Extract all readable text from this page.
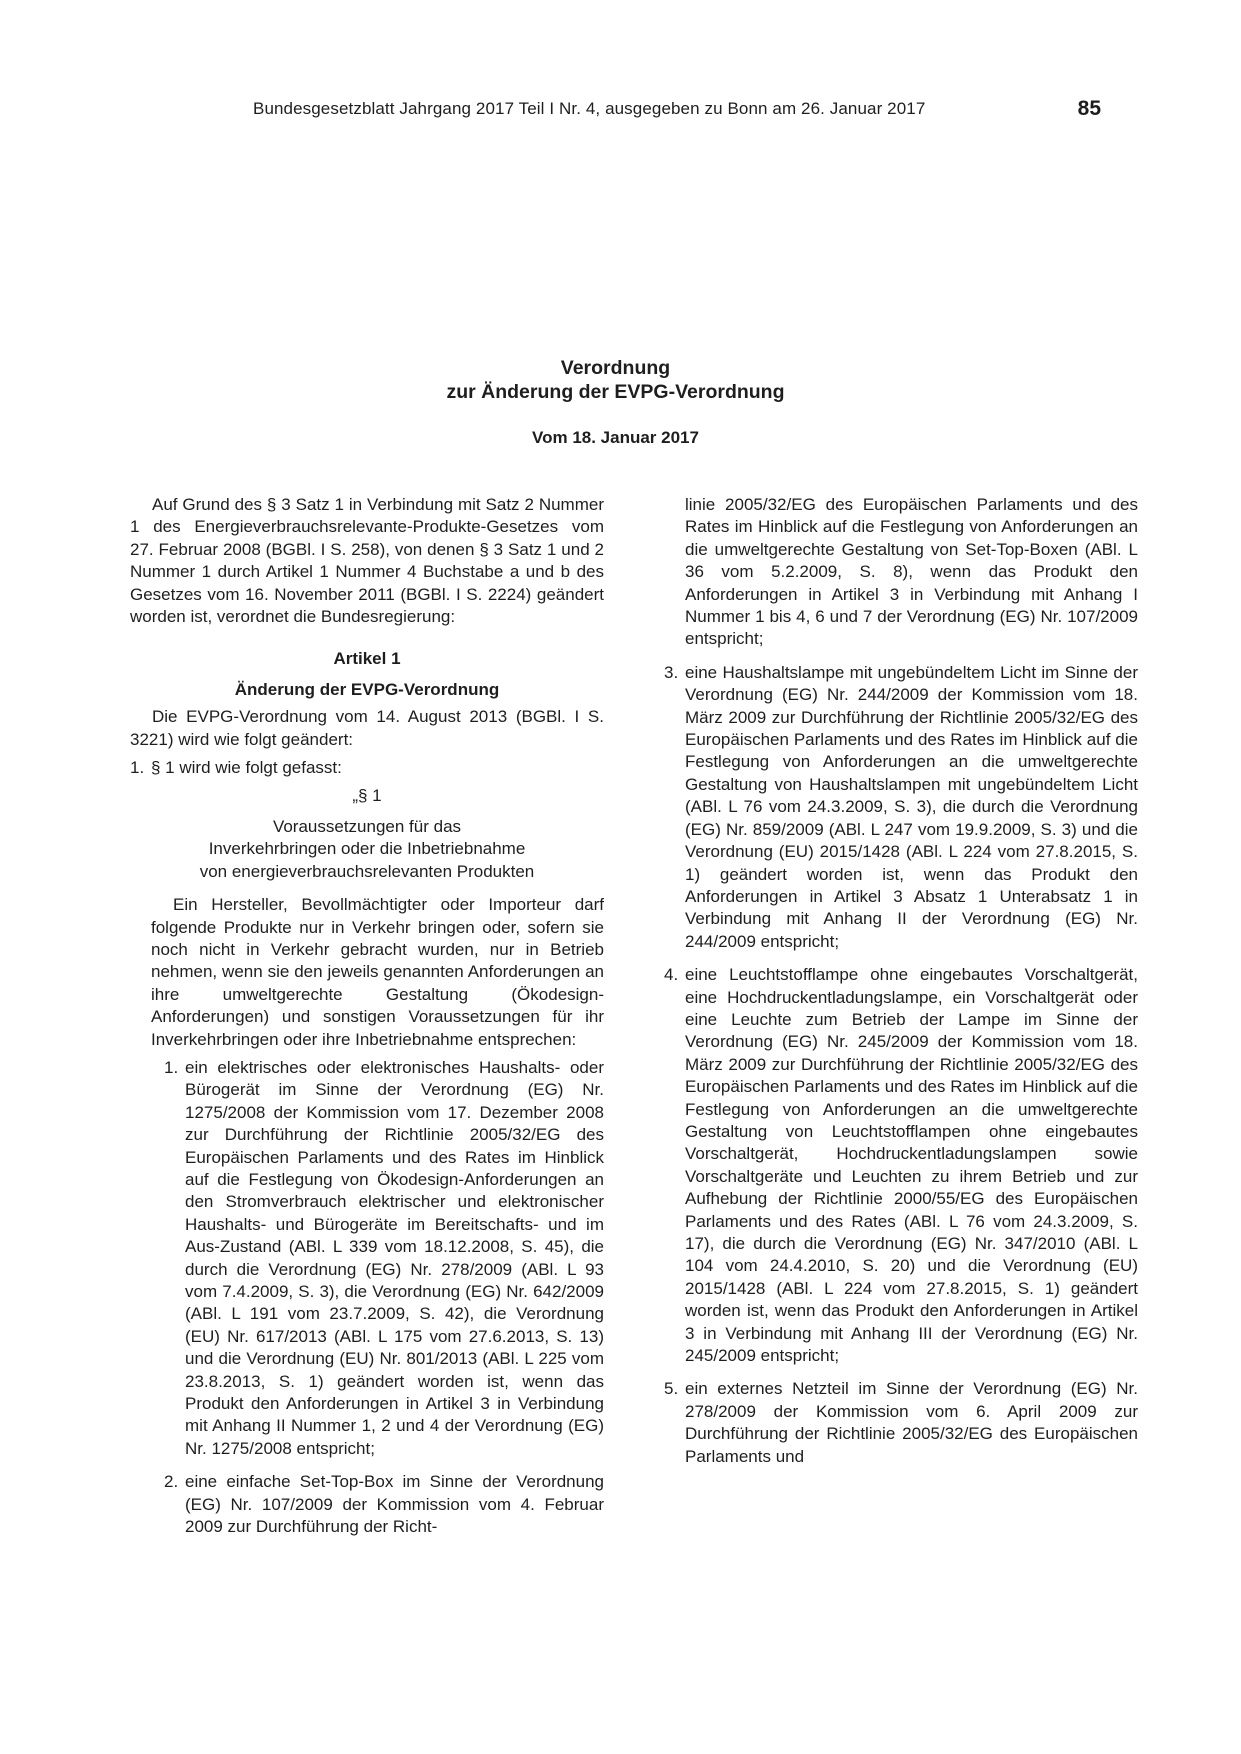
Bundesgesetzblatt Jahrgang 2017 Teil I Nr. 4, ausgegeben zu Bonn am 26. Januar 2017	85
Verordnung
zur Änderung der EVPG-Verordnung
Vom 18. Januar 2017

Auf Grund des § 3 Satz 1 in Verbindung mit Satz 2 Nummer 1 des Energieverbrauchsrelevante-Produkte-Gesetzes vom 27. Februar 2008 (BGBl. I S. 258), von denen § 3 Satz 1 und 2 Nummer 1 durch Artikel 1 Nummer 4 Buchstabe a und b des Gesetzes vom 16. November 2011 (BGBl. I S. 2224) geändert worden ist, verordnet die Bundesregierung:

Artikel 1

Änderung der EVPG-Verordnung

Die EVPG-Verordnung vom 14. August 2013 (BGBl. I S. 3221) wird wie folgt geändert:

1. § 1 wird wie folgt gefasst:

„§ 1

Voraussetzungen für das

Inverkehrbringen oder die Inbetriebnahme

von energieverbrauchsrelevanten Produkten

Ein Hersteller, Bevollmächtigter oder Importeur darf folgende Produkte nur in Verkehr bringen oder, sofern sie noch nicht in Verkehr gebracht wurden, nur in Betrieb nehmen, wenn sie den jeweils genannten Anforderungen an ihre umweltgerechte Gestaltung (Ökodesign-Anforderungen) und sonstigen Voraussetzungen für ihr Inverkehrbringen oder ihre Inbetriebnahme entsprechen:

1. ein elektrisches oder elektronisches Haushalts- oder Bürogerät im Sinne der Verordnung (EG) Nr. 1275/2008 der Kommission vom 17. Dezember 2008 zur Durchführung der Richtlinie 2005/32/EG des Europäischen Parlaments und des Rates im Hinblick auf die Festlegung von Ökodesign-Anforderungen an den Stromverbrauch elektrischer und elektronischer Haushalts- und Bürogeräte im Bereitschafts- und im Aus-Zustand (ABl. L 339 vom 18.12.2008, S. 45), die durch die Verordnung (EG) Nr. 278/2009 (ABl. L 93 vom 7.4.2009, S. 3), die Verordnung (EG) Nr. 642/2009 (ABl. L 191 vom 23.7.2009, S. 42), die Verordnung (EU) Nr. 617/2013 (ABl. L 175 vom 27.6.2013, S. 13) und die Verordnung (EU) Nr. 801/2013 (ABl. L 225 vom 23.8.2013, S. 1) geändert worden ist, wenn das Produkt den Anforderungen in Artikel 3 in Verbindung mit Anhang II Nummer 1, 2 und 4 der Verordnung (EG) Nr. 1275/2008 entspricht;

2. eine einfache Set-Top-Box im Sinne der Verordnung (EG) Nr. 107/2009 der Kommission vom 4. Februar 2009 zur Durchführung der Richt-

linie 2005/32/EG des Europäischen Parlaments und des Rates im Hinblick auf die Festlegung von Anforderungen an die umweltgerechte Gestaltung von Set-Top-Boxen (ABl. L 36 vom 5.2.2009, S. 8), wenn das Produkt den Anforderungen in Artikel 3 in Verbindung mit Anhang I Nummer 1 bis 4, 6 und 7 der Verordnung (EG) Nr. 107/2009 entspricht;

3. eine Haushaltslampe mit ungebündeltem Licht im Sinne der Verordnung (EG) Nr. 244/2009 der Kommission vom 18. März 2009 zur Durchführung der Richtlinie 2005/32/EG des Europäischen Parlaments und des Rates im Hinblick auf die Festlegung von Anforderungen an die umweltgerechte Gestaltung von Haushaltslampen mit ungebündeltem Licht (ABl. L 76 vom 24.3.2009, S. 3), die durch die Verordnung (EG) Nr. 859/2009 (ABl. L 247 vom 19.9.2009, S. 3) und die Verordnung (EU) 2015/1428 (ABl. L 224 vom 27.8.2015, S. 1) geändert worden ist, wenn das Produkt den Anforderungen in Artikel 3 Absatz 1 Unterabsatz 1 in Verbindung mit Anhang II der Verordnung (EG) Nr. 244/2009 entspricht;

4. eine Leuchtstofflampe ohne eingebautes Vorschaltgerät, eine Hochdruckentladungslampe, ein Vorschaltgerät oder eine Leuchte zum Betrieb der Lampe im Sinne der Verordnung (EG) Nr. 245/2009 der Kommission vom 18. März 2009 zur Durchführung der Richtlinie 2005/32/EG des Europäischen Parlaments und des Rates im Hinblick auf die Festlegung von Anforderungen an die umweltgerechte Gestaltung von Leuchtstofflampen ohne eingebautes Vorschaltgerät, Hochdruckentladungslampen sowie Vorschaltgeräte und Leuchten zu ihrem Betrieb und zur Aufhebung der Richtlinie 2000/55/EG des Europäischen Parlaments und des Rates (ABl. L 76 vom 24.3.2009, S. 17), die durch die Verordnung (EG) Nr. 347/2010 (ABl. L 104 vom 24.4.2010, S. 20) und die Verordnung (EU) 2015/1428 (ABl. L 224 vom 27.8.2015, S. 1) geändert worden ist, wenn das Produkt den Anforderungen in Artikel 3 in Verbindung mit Anhang III der Verordnung (EG) Nr. 245/2009 entspricht;

5. ein externes Netzteil im Sinne der Verordnung (EG) Nr. 278/2009 der Kommission vom 6. April 2009 zur Durchführung der Richtlinie 2005/32/EG des Europäischen Parlaments und
